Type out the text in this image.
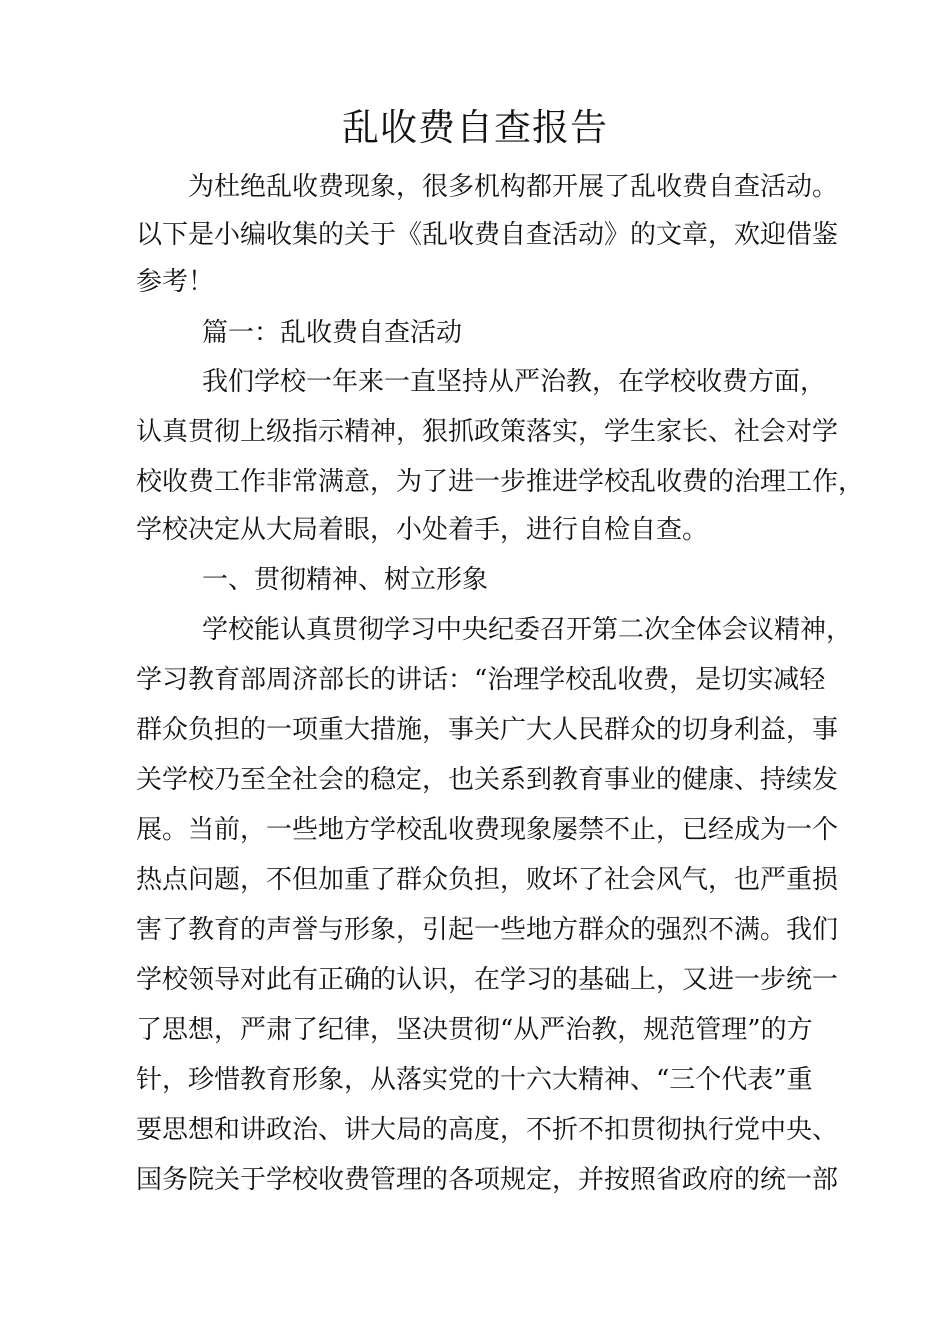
乱收费自查报告
为杜绝乱收费现象，很多机构都开展了乱收费自查活动。
以下是小编收集的关于《乱收费自查活动》的文章，欢迎借鉴
参考！
篇一：乱收费自查活动
我们学校一年来一直坚持从严治教，在学校收费方面，
认真贯彻上级指示精神，狠抓政策落实，学生家长、社会对学
校收费工作非常满意，为了进一步推进学校乱收费的治理工作，
学校决定从大局着眼，小处着手，进行自检自查。
一、贯彻精神、树立形象
学校能认真贯彻学习中央纪委召开第二次全体会议精神，
学习教育部周济部长的讲话：“治理学校乱收费，是切实减轻
群众负担的一项重大措施，事关广大人民群众的切身利益，事
关学校乃至全社会的稳定，也关系到教育事业的健康、持续发
展。当前，一些地方学校乱收费现象屡禁不止，已经成为一个
热点问题，不但加重了群众负担，败坏了社会风气，也严重损
害了教育的声誉与形象，引起一些地方群众的强烈不满。我们
学校领导对此有正确的认识，在学习的基础上，又进一步统一
了思想，严肃了纪律，坚决贯彻“从严治教，规范管理”的方
针，珍惜教育形象，从落实党的十六大精神、“三个代表”重
要思想和讲政治、讲大局的高度，不折不扣贯彻执行党中央、
国务院关于学校收费管理的各项规定，并按照省政府的统一部
